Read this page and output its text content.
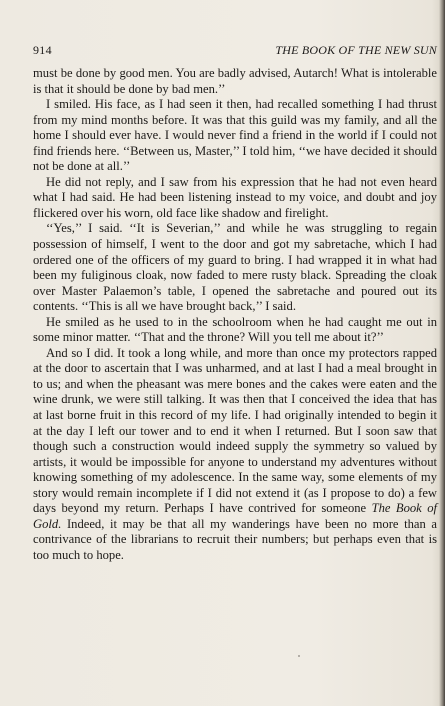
914	THE BOOK OF THE NEW SUN

must be done by good men. You are badly advised, Autarch! What is intolerable is that it should be done by bad men.’’

I smiled. His face, as I had seen it then, had recalled something I had thrust from my mind months before. It was that this guild was my family, and all the home I should ever have. I would never find a friend in the world if I could not find friends here. ‘‘Between us, Master,’’ I told him, ‘‘we have decided it should not be done at all.’’

He did not reply, and I saw from his expression that he had not even heard what I had said. He had been listening instead to my voice, and doubt and joy flickered over his worn, old face like shadow and firelight.

‘‘Yes,’’ I said. ‘‘It is Severian,’’ and while he was struggling to regain possession of himself, I went to the door and got my sabretache, which I had ordered one of the officers of my guard to bring. I had wrapped it in what had been my fuliginous cloak, now faded to mere rusty black. Spreading the cloak over Master Palaemon’s table, I opened the sabretache and poured out its contents. ‘‘This is all we have brought back,’’ I said.

He smiled as he used to in the schoolroom when he had caught me out in some minor matter. ‘‘That and the throne? Will you tell me about it?’’

And so I did. It took a long while, and more than once my protectors rapped at the door to ascertain that I was unharmed, and at last I had a meal brought in to us; and when the pheasant was mere bones and the cakes were eaten and the wine drunk, we were still talking. It was then that I conceived the idea that has at last borne fruit in this record of my life. I had originally intended to begin it at the day I left our tower and to end it when I returned. But I soon saw that though such a construction would indeed supply the symmetry so valued by artists, it would be impossible for anyone to understand my adventures without knowing something of my adolescence. In the same way, some elements of my story would remain incomplete if I did not extend it (as I propose to do) a few days beyond my return. Perhaps I have contrived for someone The Book of Gold. Indeed, it may be that all my wanderings have been no more than a contrivance of the librarians to recruit their numbers; but perhaps even that is too much to hope.
